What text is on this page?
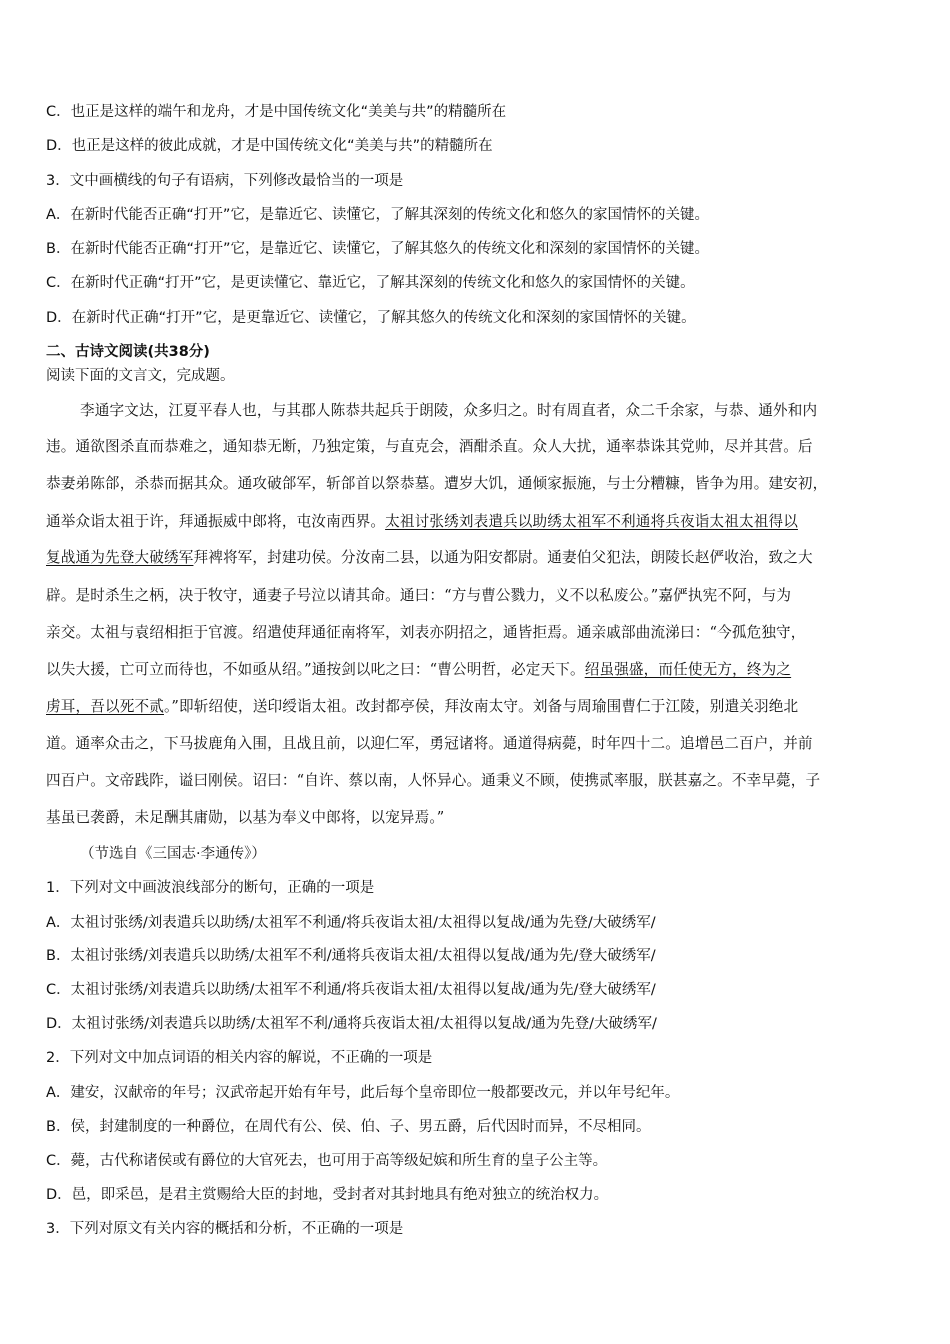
C．也正是这样的端午和龙舟，才是中国传统文化“美美与共”的精髓所在
D．也正是这样的彼此成就，才是中国传统文化“美美与共”的精髓所在
3．文中画横线的句子有语病，下列修改最恰当的一项是
A．在新时代能否正确“打开”它，是靠近它、读懂它，了解其深刻的传统文化和悠久的家国情怀的关键。
B．在新时代能否正确“打开”它，是靠近它、读懂它，了解其悠久的传统文化和深刻的家国情怀的关键。
C．在新时代正确“打开”它，是更读懂它、靠近它，了解其深刻的传统文化和悠久的家国情怀的关键。
D．在新时代正确“打开”它，是更靠近它、读懂它，了解其悠久的传统文化和深刻的家国情怀的关键。
二、古诗文阅读(共38分)
阅读下面的文言文，完成题。
李通字文达，江夏平春人也，与其郡人陈恭共起兵于朗陵，众多归之。时有周直者，众二千余家，与恭、通外和内
违。通欲图杀直而恭难之，通知恭无断，乃独定策，与直克会，酒酣杀直。众人大扰，通率恭诛其党帅，尽并其营。后
恭妻弟陈郃，杀恭而据其众。通攻破郃军，斩郃首以祭恭墓。遭岁大饥，通倾家振施，与士分糟糠，皆争为用。建安初，
通举众诣太祖于许，拜通振威中郎将，屯汝南西界。太祖讨张绣刘表遣兵以助绣太祖军不利通将兵夜诣太祖太祖得以
复战通为先登大破绣军拜裨将军，封建功侯。分汝南二县，以通为阳安都尉。通妻伯父犯法，朗陵长赵俨收治，致之大
辟。是时杀生之柄，决于牧守，通妻子号泣以请其命。通曰：“方与曹公戮力，义不以私废公。”嘉俨执宪不阿，与为
亲交。太祖与袁绍相拒于官渡。绍遣使拜通征南将军，刘表亦阴招之，通皆拒焉。通亲戚部曲流涕曰：“今孤危独守，
以失大援，亡可立而待也，不如亟从绍。”通按剑以叱之曰：“曹公明哲，必定天下。绍虽强盛，而任使无方，终为之
虏耳，吾以死不贰。”即斩绍使，送印绶诣太祖。改封都亭侯，拜汝南太守。刘备与周瑜围曹仁于江陵，别遣关羽绝北
道。通率众击之，下马拔鹿角入围，且战且前，以迎仁军，勇冠诸将。通道得病薨，时年四十二。追增邑二百户，并前
四百户。文帝践阼，谥曰刚侯。诏曰：“自许、蔡以南，人怀异心。通秉义不顾，使携贰率服，朕甚嘉之。不幸早薨，子
基虽已袭爵，未足酬其庸勋，以基为奉义中郎将，以宠异焉。”
（节选自《三国志·李通传》）
1．下列对文中画波浪线部分的断句，正确的一项是
A．太祖讨张绣/刘表遣兵以助绣/太祖军不利通/将兵夜诣太祖/太祖得以复战/通为先登/大破绣军/
B．太祖讨张绣/刘表遣兵以助绣/太祖军不利/通将兵夜诣太祖/太祖得以复战/通为先/登大破绣军/
C．太祖讨张绣/刘表遣兵以助绣/太祖军不利通/将兵夜诣太祖/太祖得以复战/通为先/登大破绣军/
D．太祖讨张绣/刘表遣兵以助绣/太祖军不利/通将兵夜诣太祖/太祖得以复战/通为先登/大破绣军/
2．下列对文中加点词语的相关内容的解说，不正确的一项是
A．建安，汉献帝的年号；汉武帝起开始有年号，此后每个皇帝即位一般都要改元，并以年号纪年。
B．侯，封建制度的一种爵位，在周代有公、侯、伯、子、男五爵，后代因时而异，不尽相同。
C．薨，古代称诸侯或有爵位的大官死去，也可用于高等级妃嫔和所生育的皇子公主等。
D．邑，即采邑，是君主赏赐给大臣的封地，受封者对其封地具有绝对独立的统治权力。
3．下列对原文有关内容的概括和分析，不正确的一项是
